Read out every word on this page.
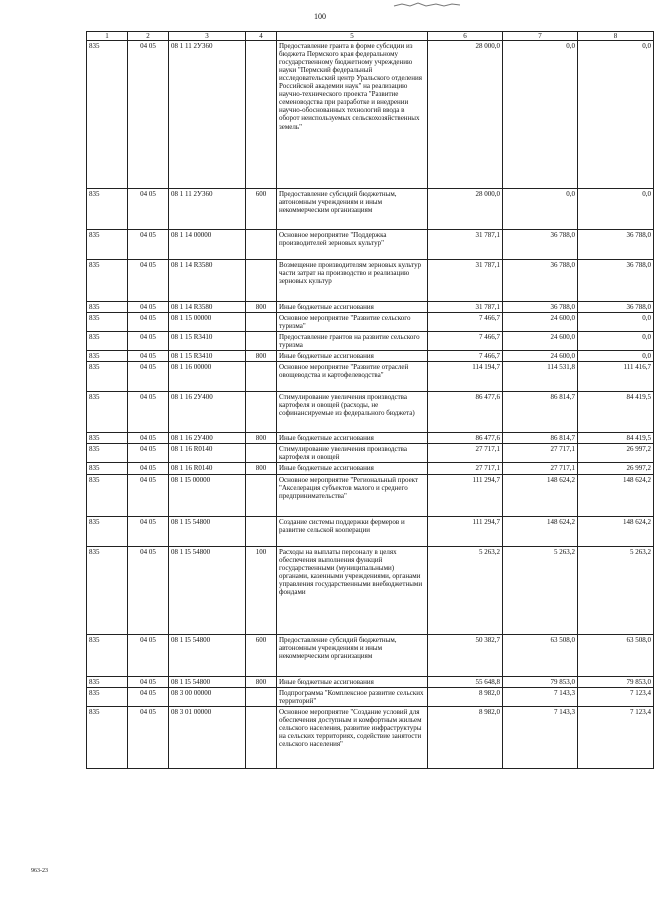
100
1	2	3	4	5	6	7	8
835	04 05	08 1 11 2У360		Предоставление гранта в форме субсидии из бюджета Пермского края федеральному государственному бюджетному учреждению науки "Пермский федеральный исследовательский центр Уральского отделения Российской академии наук" на реализацию научно-технического проекта "Развитие семеноводства при разработке и внедрении научно-обоснованных технологий ввода в оборот неиспользуемых сельскохозяйственных земель"	28 000,0	0,0	0,0
835	04 05	08 1 11 2У360	600	Предоставление субсидий бюджетным, автономным учреждениям и иным некоммерческим организациям	28 000,0	0,0	0,0
835	04 05	08 1 14 00000		Основное мероприятие "Поддержка производителей зерновых культур"	31 787,1	36 788,0	36 788,0
835	04 05	08 1 14 R3580		Возмещение производителям зерновых культур части затрат на производство и реализацию зерновых культур	31 787,1	36 788,0	36 788,0
835	04 05	08 1 14 R3580	800	Иные бюджетные ассигнования	31 787,1	36 788,0	36 788,0
835	04 05	08 1 15 00000		Основное мероприятие "Развитие сельского туризма"	7 466,7	24 600,0	0,0
835	04 05	08 1 15 R3410		Предоставление грантов на развитие сельского туризма	7 466,7	24 600,0	0,0
835	04 05	08 1 15 R3410	800	Иные бюджетные ассигнования	7 466,7	24 600,0	0,0
835	04 05	08 1 16 00000		Основное мероприятие "Развитие отраслей овощеводства и картофелеводства"	114 194,7	114 531,8	111 416,7
835	04 05	08 1 16 2У400		Стимулирование увеличения производства картофеля и овощей (расходы, не софинансируемые из федерального бюджета)	86 477,6	86 814,7	84 419,5
835	04 05	08 1 16 2У400	800	Иные бюджетные ассигнования	86 477,6	86 814,7	84 419,5
835	04 05	08 1 16 R0140		Стимулирование увеличения производства картофеля и овощей	27 717,1	27 717,1	26 997,2
835	04 05	08 1 16 R0140	800	Иные бюджетные ассигнования	27 717,1	27 717,1	26 997,2
835	04 05	08 1 I5 00000		Основное мероприятие "Региональный проект "Акселерация субъектов малого и среднего предпринимательства"	111 294,7	148 624,2	148 624,2
835	04 05	08 1 I5 54800		Создание системы поддержки фермеров и развитие сельской кооперации	111 294,7	148 624,2	148 624,2
835	04 05	08 1 I5 54800	100	Расходы на выплаты персоналу в целях обеспечения выполнения функций государственными (муниципальными) органами, казенными учреждениями, органами управления государственными внебюджетными фондами	5 263,2	5 263,2	5 263,2
835	04 05	08 1 I5 54800	600	Предоставление субсидий бюджетным, автономным учреждениям и иным некоммерческим организациям	50 382,7	63 508,0	63 508,0
835	04 05	08 1 I5 54800	800	Иные бюджетные ассигнования	55 648,8	79 853,0	79 853,0
835	04 05	08 3 00 00000		Подпрограмма "Комплексное развитие сельских территорий"	8 982,0	7 143,3	7 123,4
835	04 05	08 3 01 00000		Основное мероприятие "Создание условий для обеспечения доступным и комфортным жильем сельского населения, развитие инфраструктуры на сельских территориях, содействие занятости сельского населения"	8 982,0	7 143,3	7 123,4
963-23
